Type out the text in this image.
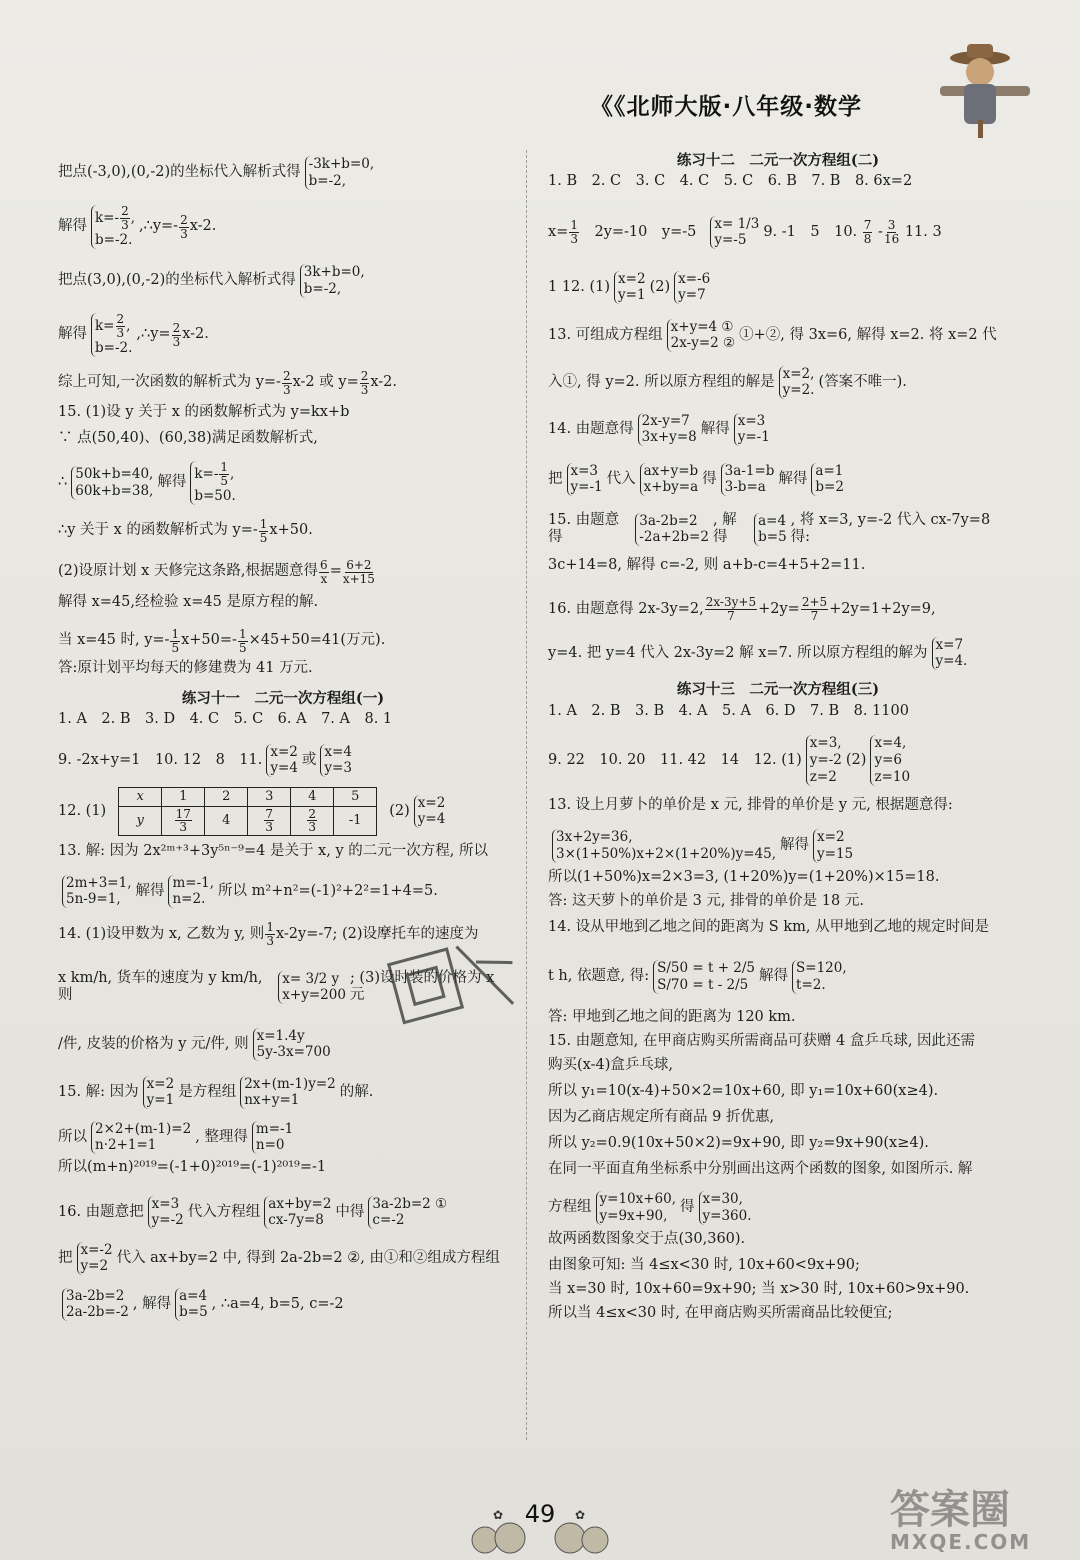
《《北师大版·八年级·数学
把点(-3,0),(0,-2)的坐标代入解析式得
-3k+b=0,
b=-2,
解得
k=- 2
3 ,
b=-2.
,∴y=- 2
3 x-2.
把点(3,0),(0,-2)的坐标代入解析式得
3k+b=0,
b=-2,
解得
$k= \frac{2}{3}$ ,
b=-2.
,∴y= $\frac{2}{3} x-2$.
综上可知,一次函数的解析式为 y=- 2
3 x-2 或 $y= \frac{2}{3} x-2$.
15. (1)设 y 关于 x 的函数解析式为 y=kx+b
∵ 点(50,40)、(60,38)满足函数解析式,
∴
50k+b=40,
60k+b=38,
解得
k=- 1
5 ,
b=50.
∴y 关于 x 的函数解析式为 y=- 1
5 x+50.
(2)设原计划 x 天修完这条路,根据题意得 $\frac{6}{x} = \frac{6+2}{x+15}$
解得 x=45,经检验 x=45 是原方程的解.
当 x=45 时, y=- 1
5 $x+50=- \frac{1}{5} \times 45+50=41$(万元).
答:原计划平均每天的修建费为 41 万元.
练习十一　二元一次方程组(一)
1. A　2. B　3. D　4. C　5. C　6. A　7. A　8. 1
9. -2x+y=1　10. 12　8　11.
x=2
y=4
或
x=4
y=3
12. (1)
x	1	2	3	4	5
y	$\frac{17}{3}$	4	$\frac{7}{3}$	$\frac{2}{3}$	-1
(2)
x=2
y=4
13. 解: 因为 2x²ᵐ⁺³+3y⁵ⁿ⁻⁹=4 是关于 x, y 的二元一次方程, 所以
2m+3=1,
5n-9=1,
解得
m=-1,
n=2.
所以 m²+n²=(-1)²+2²=1+4=5.
14. (1)设甲数为 x, 乙数为 y, 则 1
3 x-2y=-7; (2)设摩托车的速度为
x km/h, 货车的速度为 y km/h, 则
x= 3/2 y
x+y=200
; (3)设时装的价格为 x 元
/件, 皮装的价格为 y 元/件, 则
x=1.4y
5y-3x=700
15. 解: 因为
x=2
y=1
是方程组
2x+(m-1)y=2
nx+y=1
的解.
所以
2×2+(m-1)=2
n·2+1=1
, 整理得
m=-1
n=0
所以(m+n)²⁰¹⁹=(-1+0)²⁰¹⁹=(-1)²⁰¹⁹=-1
16. 由题意把
x=3
y=-2
代入方程组
ax+by=2
cx-7y=8
中得
3a-2b=2 ①
c=-2
把
x=-2
y=2
代入 ax+by=2 中, 得到 2a-2b=2 ②, 由①和②组成方程组
3a-2b=2
2a-2b=-2
, 解得
a=4
b=5
, ∴a=4, b=5, c=-2
练习十二　二元一次方程组(二)
1. B　2. C　3. C　4. C　5. C　6. B　7. B　8. 6x=2
$x= \frac{1}{3}$ 　2y=-10　y=-5
x= 1/3
y=-5
9. -1　5　10.
7
8 - 3
16
11. 3
1 12. (1)
x=2
y=1
(2)
x=-6
y=7
13. 可组成方程组
x+y=4 ①
2x-y=2 ②
①+②, 得 3x=6, 解得 x=2. 将 x=2 代
入①, 得 y=2. 所以原方程组的解是
x=2,
y=2.
(答案不唯一).
14. 由题意得
2x-y=7
3x+y=8
解得
x=3
y=-1
把
x=3
y=-1
代入
ax+y=b
x+by=a
得
3a-1=b
3-b=a
解得
a=1
b=2
15. 由题意得
3a-2b=2
-2a+2b=2
, 解得
a=4
b=5
, 将 x=3, y=-2 代入 cx-7y=8 得:
3c+14=8, 解得 c=-2, 则 a+b-c=4+5+2=11.
16. 由题意得 2x-3y=2, 2x-3y+5
$7 +2y= \frac{2+5}{7} +2y=1+2y=9$,
y=4. 把 y=4 代入 2x-3y=2 解 x=7. 所以原方程组的解为
x=7
y=4.
练习十三　二元一次方程组(三)
1. A　2. B　3. B　4. A　5. A　6. D　7. B　8. 1100
9. 22　10. 20　11. 42　14　12. (1)
x=3,
y=-2
z=2
(2)
x=4,
y=6
z=10
13. 设上月萝卜的单价是 x 元, 排骨的单价是 y 元, 根据题意得:
3x+2y=36,
3×(1+50%)x+2×(1+20%)y=45,
解得
x=2
y=15
所以(1+50%)x=2×3=3, (1+20%)y=(1+20%)×15=18.
答: 这天萝卜的单价是 3 元, 排骨的单价是 18 元.
14. 设从甲地到乙地之间的距离为 S km, 从甲地到乙地的规定时间是
t h, 依题意, 得:
S/50 = t + 2/5
S/70 = t - 2/5
解得
S=120,
t=2.
答: 甲地到乙地之间的距离为 120 km.
15. 由题意知, 在甲商店购买所需商品可获赠 4 盒乒乓球, 因此还需
购买(x-4)盒乒乓球,
所以 y₁=10(x-4)+50×2=10x+60, 即 y₁=10x+60(x≥4).
因为乙商店规定所有商品 9 折优惠,
所以 y₂=0.9(10x+50×2)=9x+90, 即 y₂=9x+90(x≥4).
在同一平面直角坐标系中分别画出这两个函数的图象, 如图所示. 解
方程组
y=10x+60,
y=9x+90,
得
x=30,
y=360.
故两函数图象交于点(30,360).
由图象可知: 当 4≤x<30 时, 10x+60<9x+90;
当 x=30 时, 10x+60=9x+90; 当 x>30 时, 10x+60>9x+90.
所以当 4≤x<30 时, 在甲商店购买所需商品比较便宜;
✿	✿
49	答案圈
MXQE.COM
